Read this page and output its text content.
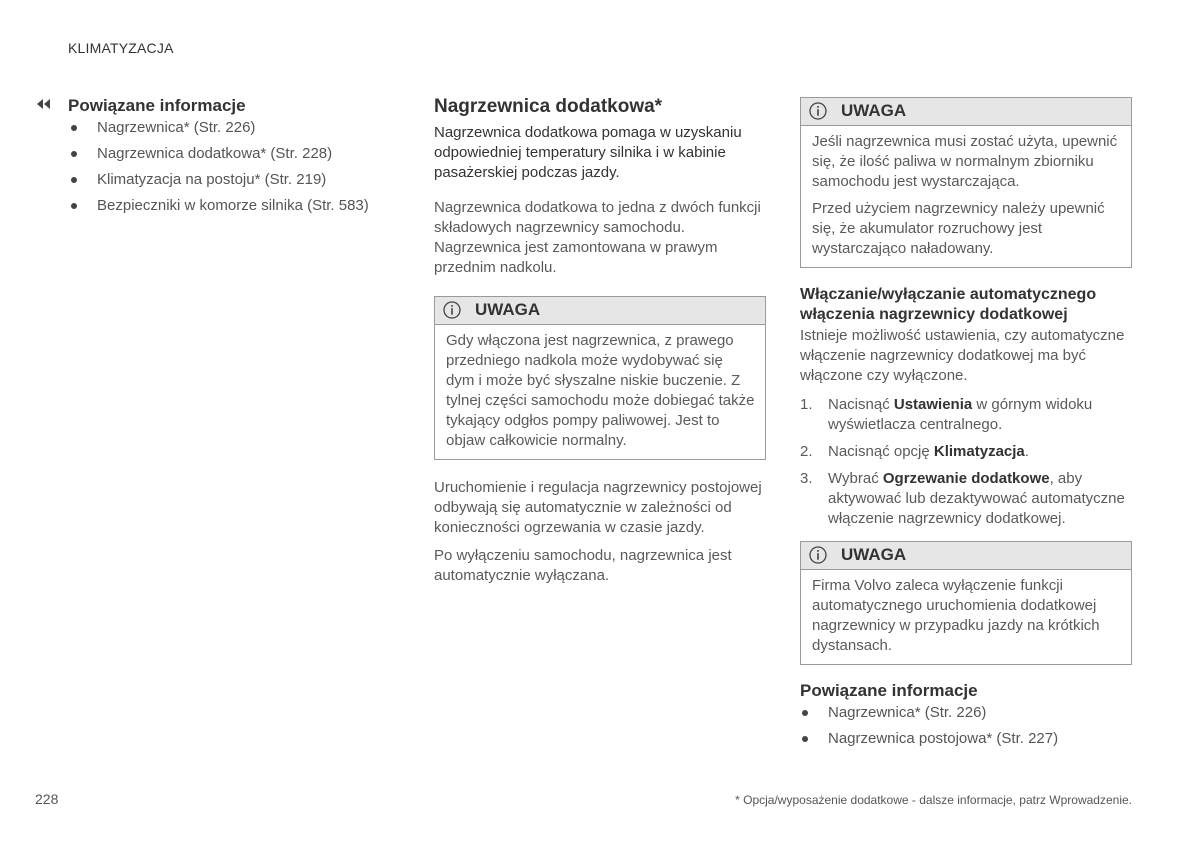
KLIMATYZACJA
Powiązane informacje
Nagrzewnica* (Str. 226)
Nagrzewnica dodatkowa* (Str. 228)
Klimatyzacja na postoju* (Str. 219)
Bezpieczniki w komorze silnika (Str. 583)
Nagrzewnica dodatkowa*
Nagrzewnica dodatkowa pomaga w uzyskaniu odpowiedniej temperatury silnika i w kabinie pasażerskiej podczas jazdy.

Nagrzewnica dodatkowa to jedna z dwóch funkcji składowych nagrzewnicy samochodu. Nagrzewnica jest zamontowana w prawym przednim nadkolu.

UWAGA

Gdy włączona jest nagrzewnica, z prawego przedniego nadkola może wydobywać się dym i może być słyszalne niskie buczenie. Z tylnej części samochodu może dobiegać także tykający odgłos pompy paliwowej. Jest to objaw całkowicie normalny.

Uruchomienie i regulacja nagrzewnicy postojowej odbywają się automatycznie w zależności od konieczności ogrzewania w czasie jazdy.

Po wyłączeniu samochodu, nagrzewnica jest automatycznie wyłączana.

UWAGA

Jeśli nagrzewnica musi zostać użyta, upewnić się, że ilość paliwa w normalnym zbiorniku samochodu jest wystarczająca.

Przed użyciem nagrzewnicy należy upewnić się, że akumulator rozruchowy jest wystarczająco naładowany.

Włączanie/wyłączanie automatycznego włączenia nagrzewnicy dodatkowej

Istnieje możliwość ustawienia, czy automatyczne włączenie nagrzewnicy dodatkowej ma być włączone czy wyłączone.

1. Nacisnąć Ustawienia w górnym widoku wyświetlacza centralnego.
2. Nacisnąć opcję Klimatyzacja.
3. Wybrać Ogrzewanie dodatkowe, aby aktywować lub dezaktywować automatyczne włączenie nagrzewnicy dodatkowej.
UWAGA

Firma Volvo zaleca wyłączenie funkcji automatycznego uruchomienia dodatkowej nagrzewnicy w przypadku jazdy na krótkich dystansach.

Powiązane informacje
Nagrzewnica* (Str. 226)
Nagrzewnica postojowa* (Str. 227)
228	* Opcja/wyposażenie dodatkowe - dalsze informacje, patrz Wprowadzenie.
